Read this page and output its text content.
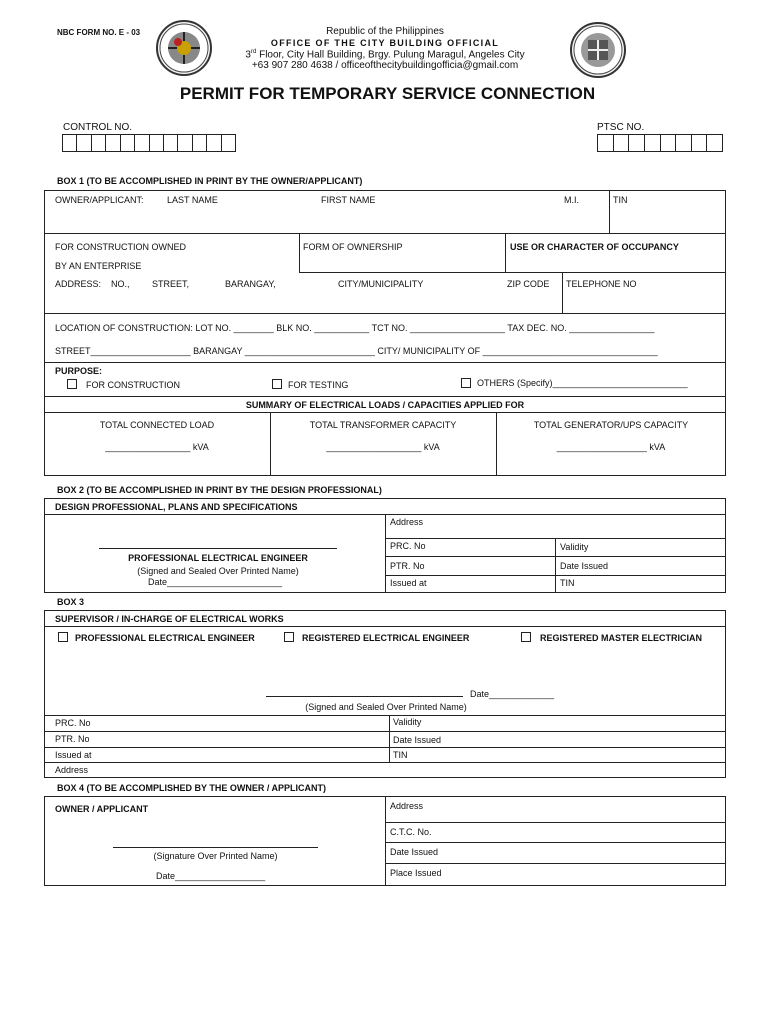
NBC FORM NO. E - 03	Republic of the Philippines
OFFICE OF THE CITY BUILDING OFFICIAL
3rd Floor, City Hall Building, Brgy. Pulung Maragul, Angeles City
+63 907 280 4638 / officeofthecitybuildingofficia@gmail.com
PERMIT FOR TEMPORARY SERVICE CONNECTION
CONTROL NO.	PTSC NO.
BOX 1 (TO BE ACCOMPLISHED IN PRINT BY THE OWNER/APPLICANT)
OWNER/APPLICANT:	LAST NAME	FIRST NAME	M.I.	TIN
FOR CONSTRUCTION OWNED
BY AN ENTERPRISE
FORM OF OWNERSHIP	USE OR CHARACTER OF OCCUPANCY
ADDRESS: NO., STREET,	BARANGAY,	CITY/MUNICIPALITY	ZIP CODE TELEPHONE NO
LOCATION OF CONSTRUCTION: LOT NO. ________ BLK NO. ___________ TCT NO. ___________________ TAX DEC. NO. _________________
STREET____________________ BARANGAY __________________________ CITY/ MUNICIPALITY OF ___________________________________
PURPOSE:
FOR CONSTRUCTION	FOR TESTING	OTHERS (Specify)___________________________
SUMMARY OF ELECTRICAL LOADS / CAPACITIES APPLIED FOR
TOTAL CONNECTED LOAD	TOTAL TRANSFORMER CAPACITY	TOTAL GENERATOR/UPS CAPACITY
_________________ kVA	___________________ kVA	__________________ kVA
BOX 2 (TO BE ACCOMPLISHED IN PRINT BY THE DESIGN PROFESSIONAL)
DESIGN PROFESSIONAL, PLANS AND SPECIFICATIONS
Address
PRC. No	Validity
PTR. No	Date Issued
Issued at	TIN
PROFESSIONAL ELECTRICAL ENGINEER
(Signed and Sealed Over Printed Name)
Date_______________________
BOX 3
SUPERVISOR / IN-CHARGE OF ELECTRICAL WORKS
PROFESSIONAL ELECTRICAL ENGINEER	REGISTERED ELECTRICAL ENGINEER	REGISTERED MASTER ELECTRICIAN
Date_____________
(Signed and Sealed Over Printed Name)
PRC. No	Validity
PTR. No	Date Issued
Issued at	TIN
Address
BOX 4 (TO BE ACCOMPLISHED BY THE OWNER / APPLICANT)
OWNER / APPLICANT	Address
C.T.C. No.
Date Issued
Place Issued
(Signature Over Printed Name)
Date__________________
